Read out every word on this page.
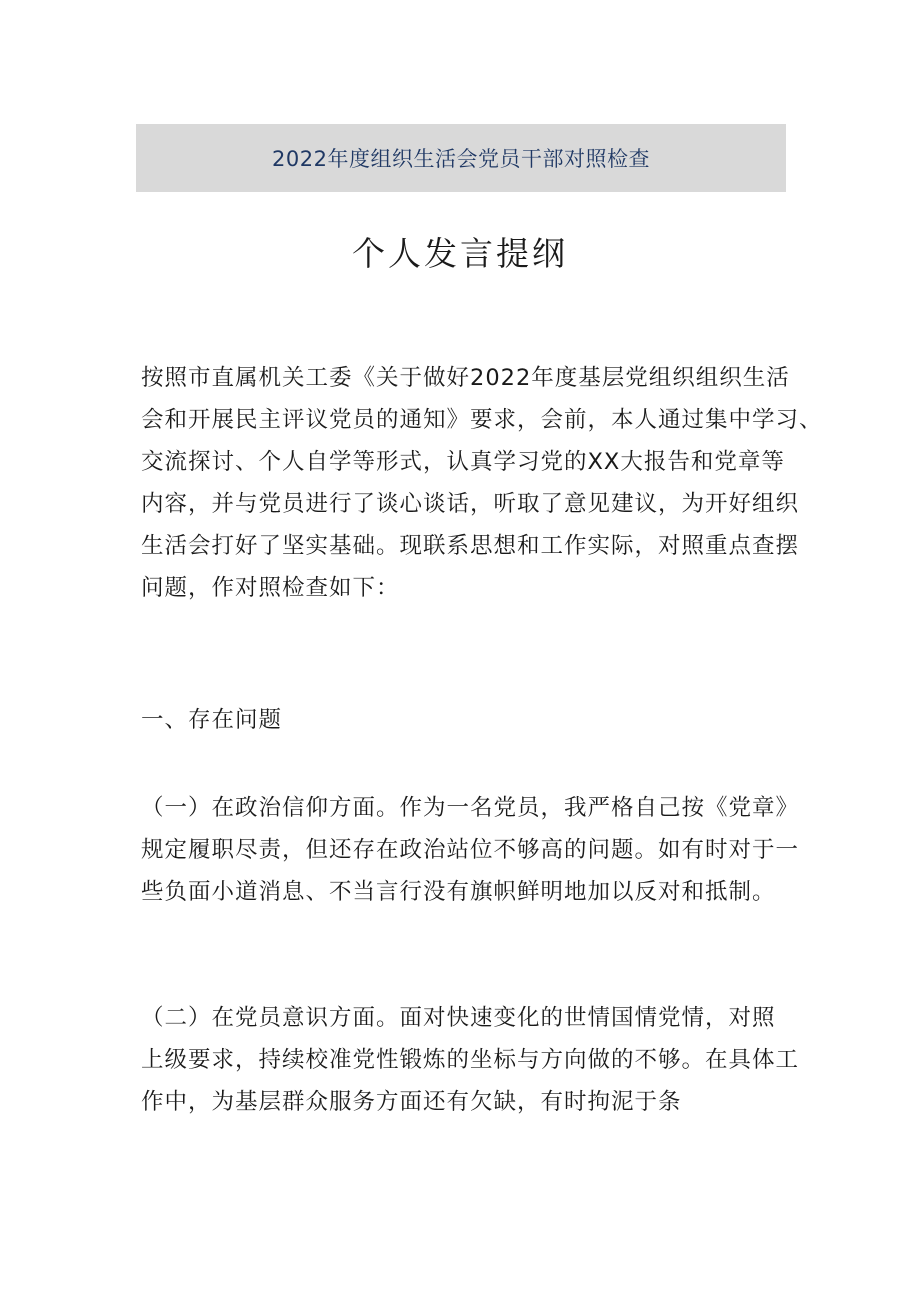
2022年度组织生活会党员干部对照检查
个人发言提纲
按照市直属机关工委《关于做好2022年度基层党组织组织生活
会和开展民主评议党员的通知》要求，会前，本人通过集中学习、
交流探讨、个人自学等形式，认真学习党的XX大报告和党章等
内容，并与党员进行了谈心谈话，听取了意见建议，为开好组织
生活会打好了坚实基础。现联系思想和工作实际，对照重点查摆
问题，作对照检查如下：
一、存在问题
（一）在政治信仰方面。作为一名党员，我严格自己按《党章》
规定履职尽责，但还存在政治站位不够高的问题。如有时对于一
些负面小道消息、不当言行没有旗帜鲜明地加以反对和抵制。
（二）在党员意识方面。面对快速变化的世情国情党情，对照
上级要求，持续校准党性锻炼的坐标与方向做的不够。在具体工
作中，为基层群众服务方面还有欠缺，有时拘泥于条
